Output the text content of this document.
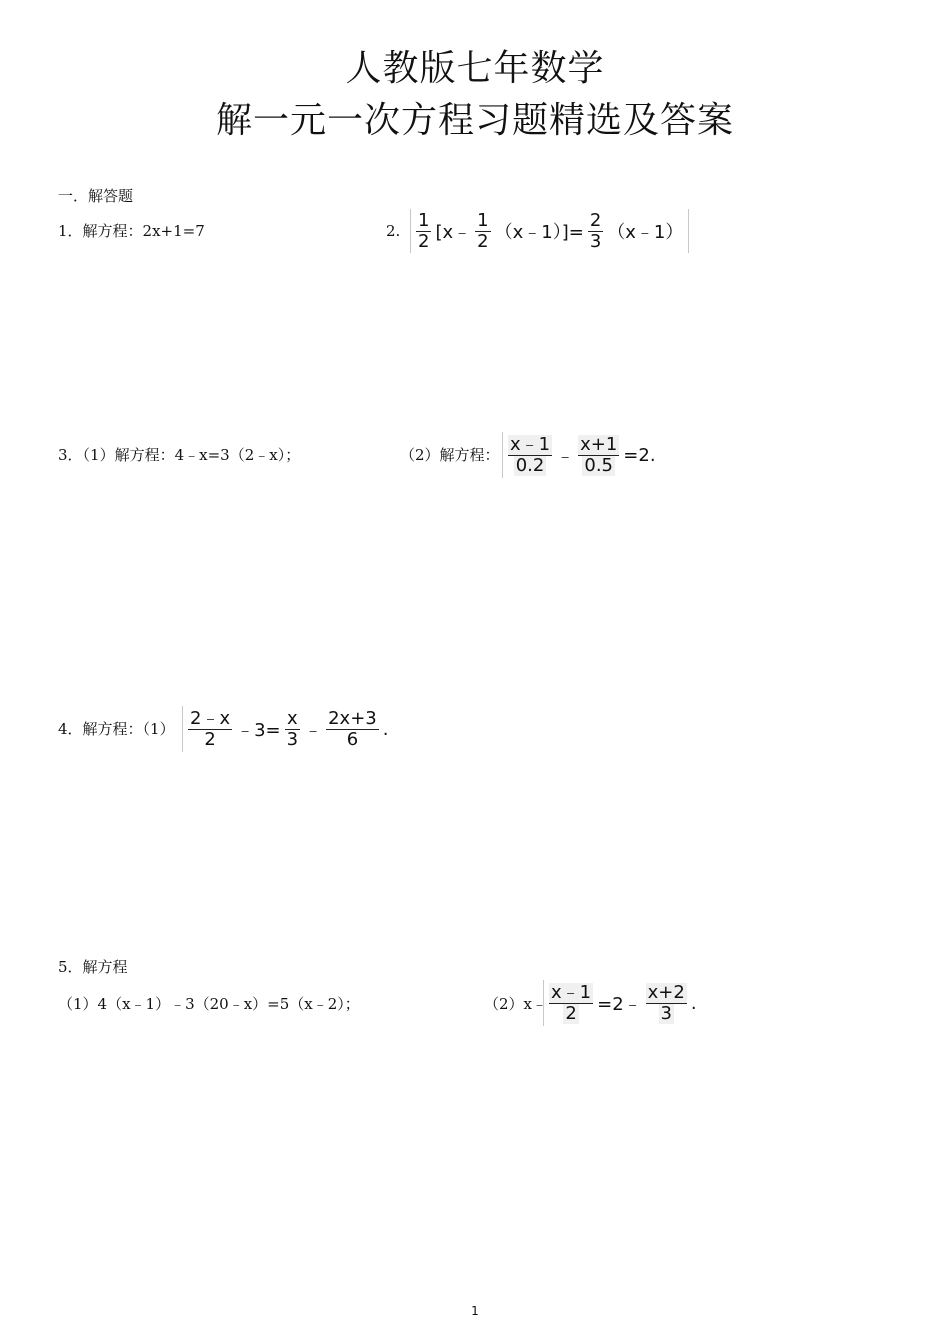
人教版七年数学
解一元一次方程习题精选及答案
一．解答题
1．解方程：2x+1=7	2. $\frac{1}{2}$ [x﹣ $\frac{1}{2}$ （x﹣1）]= $\frac{2}{3}$ （x﹣1）
3．（1）解方程：4﹣x=3（2﹣x）；	（2）解方程： $\frac{x﹣1}{0.2}$ ﹣ $\frac{x+1}{0.5} =2$.
4．解方程：$(1) \frac{2﹣x}{2}$ ﹣3= $\frac{x}{3}$ ﹣ $\frac{2x+3}{6}$ .
5．解方程
（1）4（x﹣1）﹣3（20﹣x）=5（x﹣2）；	（2）x﹣ $\frac{x﹣1}{2}$ =2﹣ $\frac{x+2}{3}$ .
1
